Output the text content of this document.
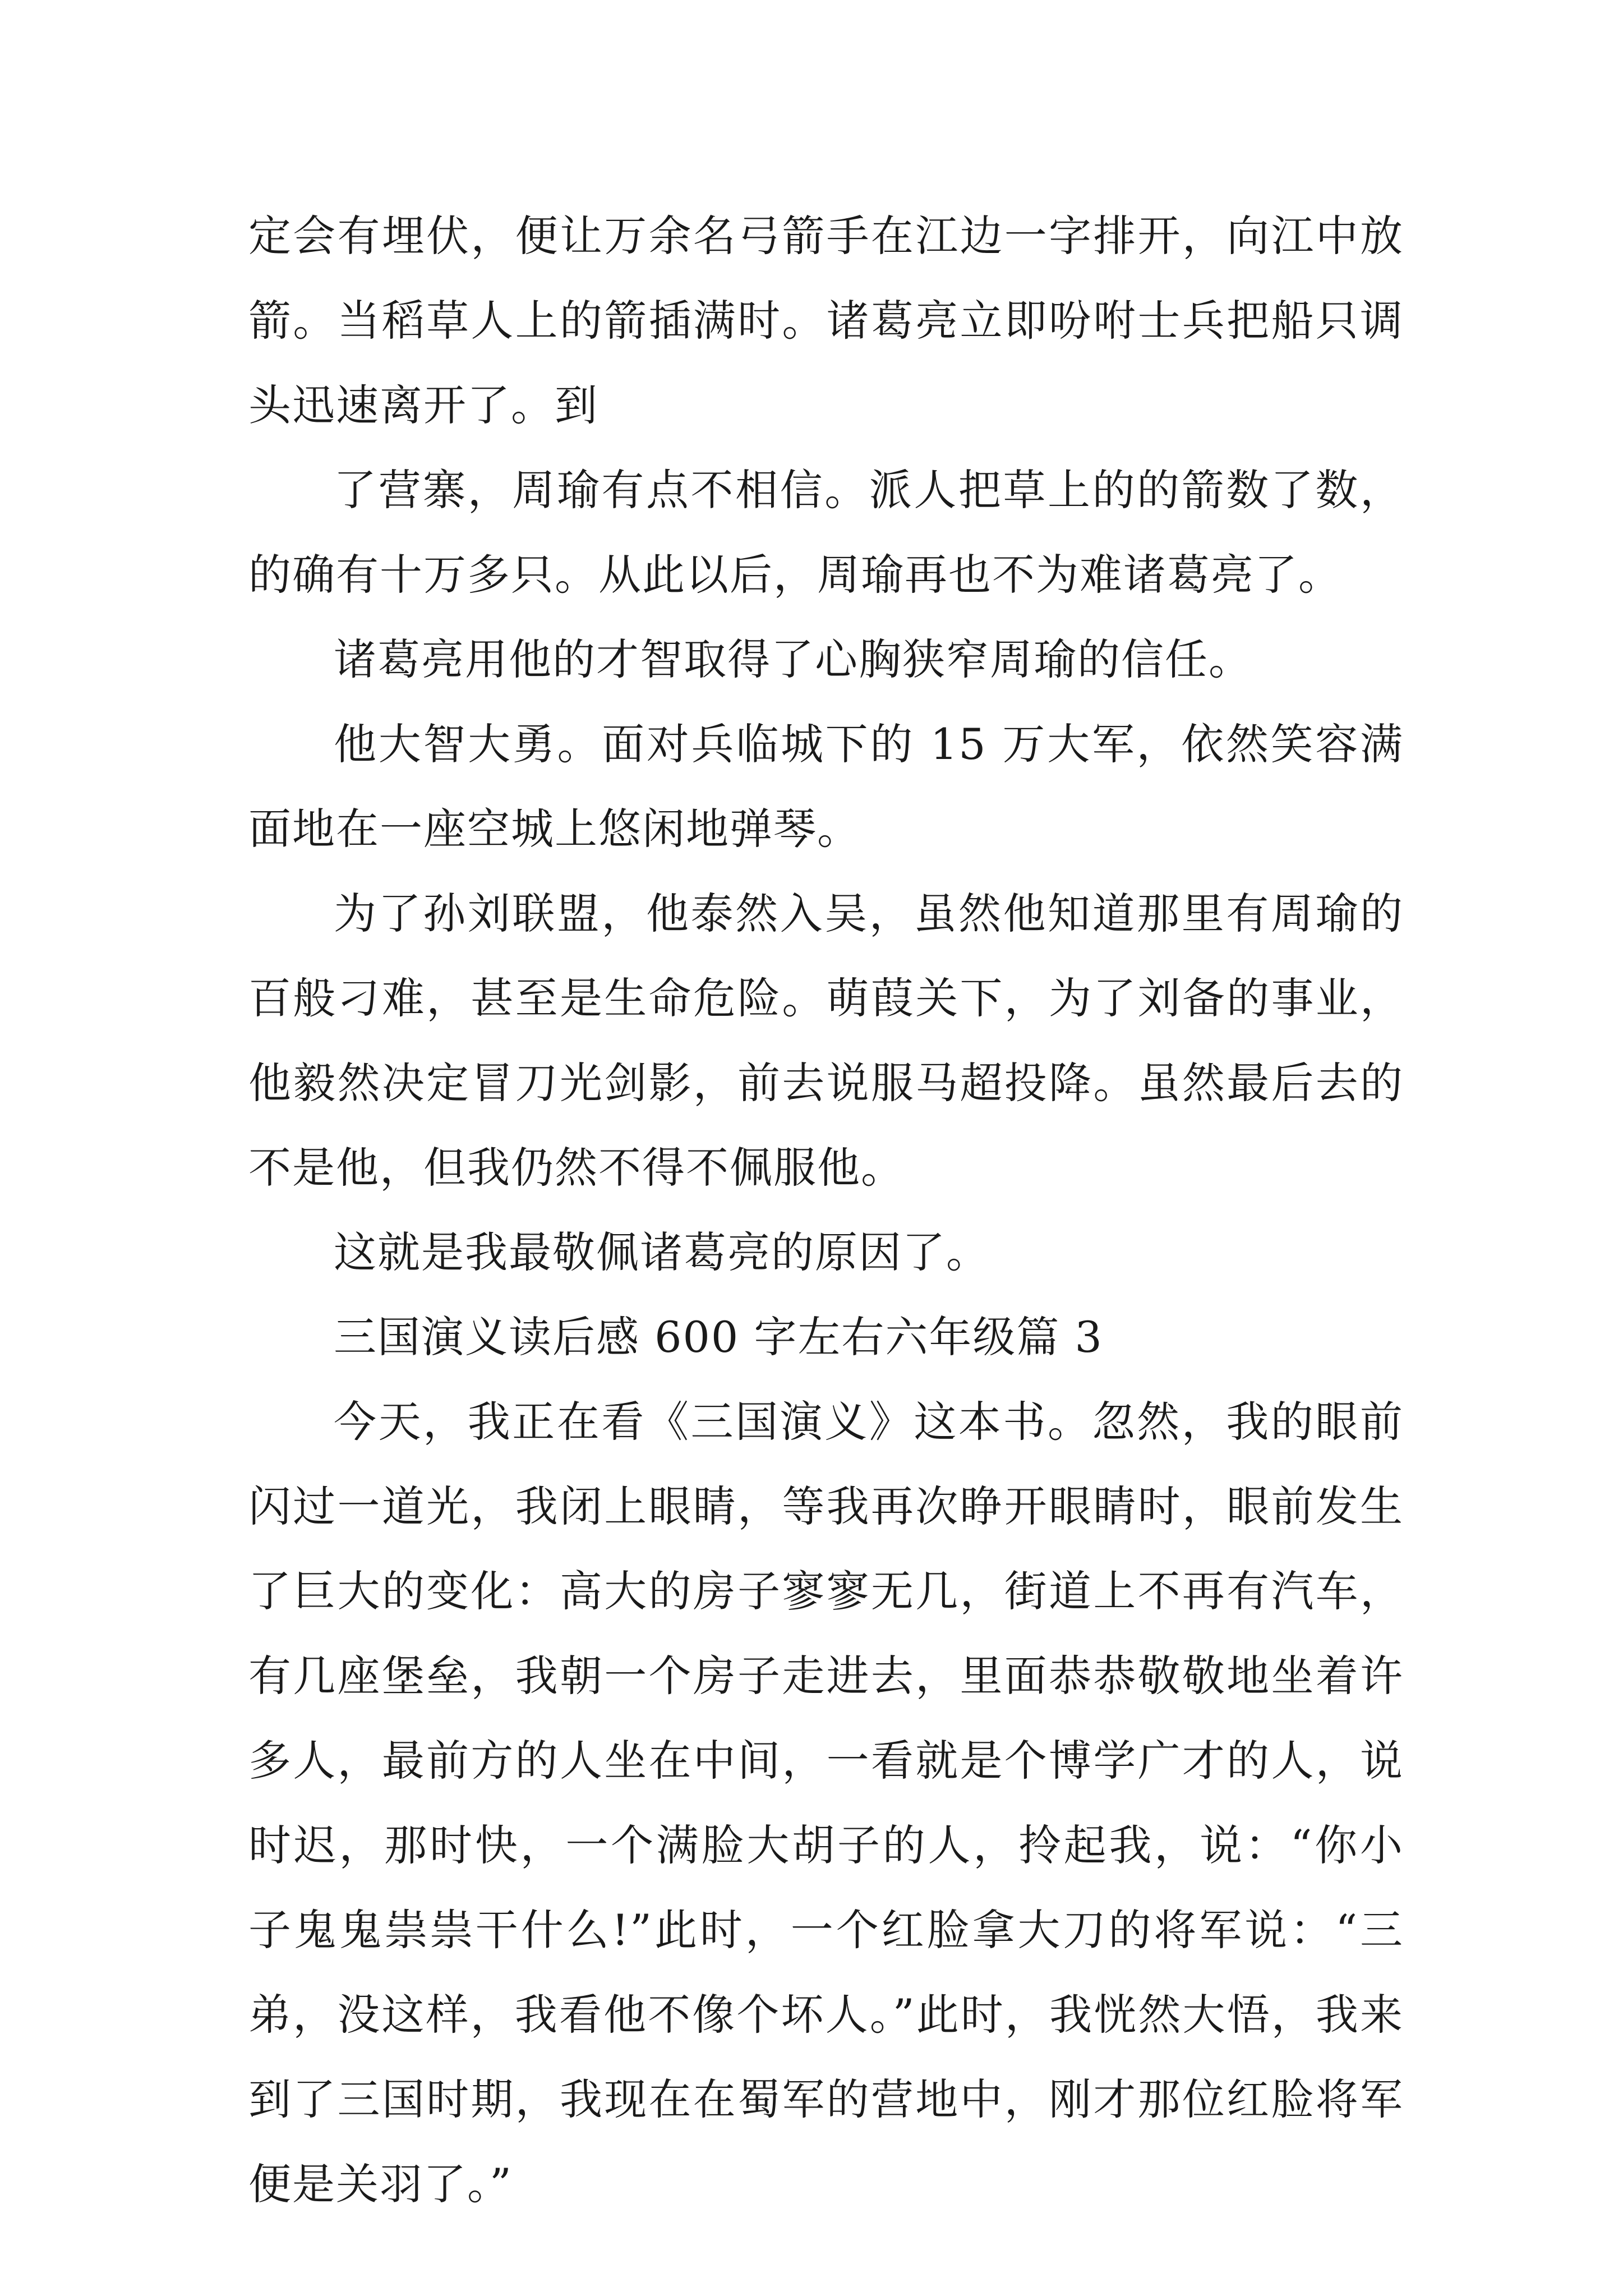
定会有埋伏，便让万余名弓箭手在江边一字排开，向江中放箭。当稻草人上的箭插满时。诸葛亮立即吩咐士兵把船只调头迅速离开了。到

了营寨，周瑜有点不相信。派人把草上的的箭数了数，的确有十万多只。从此以后，周瑜再也不为难诸葛亮了。

诸葛亮用他的才智取得了心胸狭窄周瑜的信任。

他大智大勇。面对兵临城下的 15 万大军，依然笑容满面地在一座空城上悠闲地弹琴。

为了孙刘联盟，他泰然入吴，虽然他知道那里有周瑜的百般刁难，甚至是生命危险。萌葭关下，为了刘备的事业，他毅然决定冒刀光剑影，前去说服马超投降。虽然最后去的不是他，但我仍然不得不佩服他。

这就是我最敬佩诸葛亮的原因了。

三国演义读后感 600 字左右六年级篇 3

今天，我正在看《三国演义》这本书。忽然，我的眼前闪过一道光，我闭上眼睛，等我再次睁开眼睛时，眼前发生了巨大的变化：高大的房子寥寥无几，街道上不再有汽车，有几座堡垒，我朝一个房子走进去，里面恭恭敬敬地坐着许多人，最前方的人坐在中间，一看就是个博学广才的人，说时迟，那时快，一个满脸大胡子的人，拎起我，说：“你小子鬼鬼祟祟干什么!”此时，一个红脸拿大刀的将军说：“三弟，没这样，我看他不像个坏人。”此时，我恍然大悟，我来到了三国时期，我现在在蜀军的营地中，刚才那位红脸将军便是关羽了。”
